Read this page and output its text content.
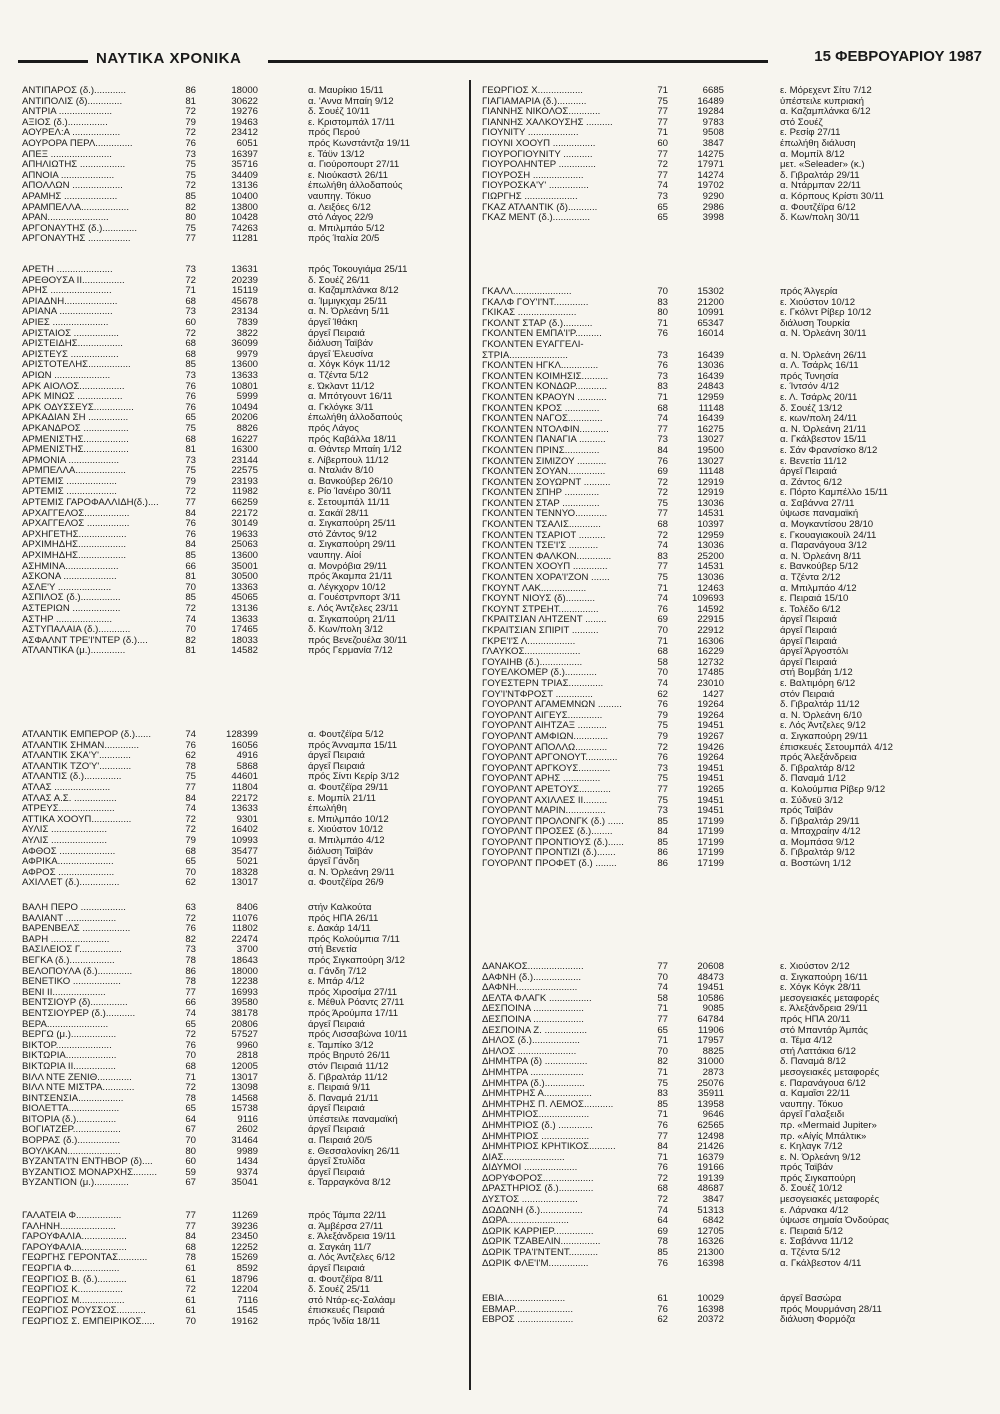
ΝΑΥΤΙΚΑ ΧΡΟΝΙΚΑ	15 ΦΕΒΡΟΥΑΡΙΟΥ 1987
ΑΝΤΙΠΑΡΟΣ (δ.)............	86	18000	α. Μαυρίκιο 15/11
ΑΝΤΙΠΟΛΙΣ (δ).............	81	30622	α. 'Αννα Μπαίη 9/12
ΑΝΤΡΙΑ ....................	72	19276	δ. Σουέζ 10/11
ΑΞΙΟΣ (δ.)...............	79	19463	ε. Κριστομπάλ 17/11
ΑΟΥΡΕΛ:Α ..................	72	23412	πρός Περού
ΑΟΥΡΟΡΑ ΠΕΡΛ..............	76	6051	πρός Κωνστάντζα 19/11
ΑΠΕΞ .......................	73	16397	ε. Τάϋν 13/12
ΑΠΗΛΙΩΤΗΣ .................	75	35716	α. Γιούροπουρτ 27/11
ΑΠΝΟΙΑ ....................	75	34409	ε. Νιούκαστλ 26/11
ΑΠΟΛΛΩΝ ...................	72	13136	έπωλήθη άλλοδαπούς
ΑΡΑΜΗΣ ....................	85	10400	ναυπηγ. Τόκυο
ΑΡΑΜΠΕΛΛΑ..................	82	13800	α. Λειξόες 6/12
ΑΡΑΝ.......................	80	10428	στό Λάγος 22/9
ΑΡΓΟΝΑΥΤΗΣ (δ.).............	75	74263	α. Μπιλμπάο 5/12
ΑΡΓΟΝΑΥΤΗΣ ................	77	11281	πρός Ίταλία 20/5
ΑΡΕΤΗ .....................	73	13631	πρός Τοκουγιάμα 25/11
ΑΡΕΘΟΥΣΑ ΙΙ................	72	20239	δ. Σουέζ 26/11
ΑΡΗΣ .......................	71	15119	α. Καζαμπλάνκα 8/12
ΑΡΙΑΔΝΗ....................	68	45678	α. Ίμμιγκχαμ 25/11
ΑΡΙΑΝΑ ....................	73	23134	α. Ν. Όρλεάνη 5/11
ΑΡΙΕΣ .....................	60	7839	άργεΐ Ίθάκη
ΑΡΙΣΤΑΙΟΣ .................	72	3822	άργεΐ Πειραιά
ΑΡΙΣΤΕΙΔΗΣ.................	68	36099	διάλυση Ταϊβάν
ΑΡΙΣΤΕΥΣ ..................	68	9979	άργεΐ Έλευσίνα
ΑΡΙΣΤΟΤΕΛΗΣ................	85	13600	α. Χόγκ Κόγκ 11/12
ΑΡΙΩΝ .....................	73	13633	α. Τζέντα 5/12
ΑΡΚ ΑΙΟΛΟΣ.................	76	10801	ε. Ώκλαντ 11/12
ΑΡΚ ΜΙΝΩΣ .................	76	5999	α. Μπότγουντ 16/11
ΑΡΚ ΟΔΥΣΣΕΥΣ...............	76	10494	α. Γκλόγκε 3/11
ΑΡΚΑΔΙΑΝ ΣΗ ...............	65	20206	έπωλήθη άλλοδαπούς
ΑΡΚΑΝΔΡΟΣ .................	75	8826	πρός Λάγος
ΑΡΜΕΝΙΣΤΗΣ.................	68	16227	πρός Καβάλλα 18/11
ΑΡΜΕΝΙΣΤΗΣ.................	81	16300	α. Θάντερ Μπαίη 1/12
ΑΡΜΟΝΙΑ ...................	73	23144	ε. Λίβερπουλ 11/12
ΑΡΜΠΕΛΛΑ...................	75	22575	α. Νταλιάν 8/10
ΑΡΤΕΜΙΣ ...................	79	23193	α. Βανκούβερ 26/10
ΑΡΤΕΜΙΣ ...................	72	11982	ε. Ρίο Ίανέιρο 30/11
ΑΡΤΕΜΙΣ ΓΑΡΟΦΑΛΛΙΔΗ(δ.)....	77	66259	ε. Σετουμπάλ 11/11
ΑΡΧΑΓΓΕΛΟΣ.................	84	22172	α. Σακάϊ 28/11
ΑΡΧΑΓΓΕΛΟΣ ................	76	30149	α. Σιγκαπούρη 25/11
ΑΡΧΗΓΕΤΗΣ..................	76	19633	στό Ζάντος 9/12
ΑΡΧΙΜΗΔΗΣ..................	84	25063	α. Σιγκαπούρη 29/11
ΑΡΧΙΜΗΔΗΣ..................	85	13600	ναυπηγ. Αίοί
ΑΣΗΜΙΝΑ....................	66	35001	α. Μονρόβια 29/11
ΑΣΚΟΝΑ ....................	81	30500	πρός Άκαμπα 21/11
ΑΣΛΕ'Υ ....................	70	13363	α. Λέγκχορν 10/12
ΑΣΠΙΛΟΣ (δ.)...............	85	45065	α. Γουέστρνπορτ 3/11
ΑΣΤΕΡΙΩΝ ..................	72	13136	ε. Λός Άντζελες 23/11
ΑΣΤΗΡ .....................	74	13633	α. Σιγκαπούρη 21/11
ΑΣΤΥΠΑΛΑΙΑ (δ.)............	70	17465	δ. Κων/πολη 3/12
ΑΣΦΑΛΝΤ ΤΡΕ'Ι'ΝΤΕΡ (δ.)....	82	18033	πρός Βενεζουέλα 30/11
ΑΤΛΑΝΤΙΚΑ (μ.).............	81	14582	πρός Γερμανία 7/12
ΑΤΛΑΝΤΙΚ ΕΜΠΕΡΟΡ (δ.)......	74	128399	α. Φουτζέϊρα 5/12
ΑΤΛΑΝΤΙΚ ΣΗΜΑΝ.............	76	16056	πρός Άνναμπα 15/11
ΑΤΛΑΝΤΙΚ ΣΚΑ'Υ'............	62	4916	άργεΐ Πειραιά
ΑΤΛΑΝΤΙΚ ΤΖΟ'Υ'............	78	5868	άργεΐ Πειραιά
ΑΤΛΑΝΤΙΣ (δ.)..............	75	44601	πρός Σίντι Κερίρ 3/12
ΑΤΛΑΣ .....................	77	11804	α. Φουτζέϊρα 29/11
ΑΤΛΑΣ Α.Σ. ................	84	22172	ε. Μομπίλ 21/11
ΑΤΡΕΥΣ.....................	74	13633	έπωλήθη
ΑΤΤΙΚΑ ΧΟΟΥΠ...............	72	9301	ε. Μπιλμπάο 10/12
ΑΥΛΙΣ .....................	72	16402	ε. Χιούστον 10/12
ΑΥΛΙΣ .....................	79	10993	α. Μπιλμπάο 4/12
ΑΦΘΟΣ .....................	68	35477	διάλυση Ταϊβάν
ΑΦΡΙΚΑ.....................	65	5021	άργεΐ Γάνδη
ΑΦΡΟΣ .....................	70	18328	α. Ν. Όρλεάνη 29/11
ΑΧΙΛΛΕΤ (δ.)...............	62	13017	α. Φουτζέϊρα 26/9
ΒΑΛΗ ΠΕΡΟ .................	63	8406	στήν Καλκούτα
ΒΑΛΙΑΝΤ ...................	72	11076	πρός ΗΠΑ 26/11
ΒΑΡΕΝΒΕΛΣ ..................	76	11802	ε. Δακάρ 14/11
ΒΑΡΗ ......................	82	22474	πρός Κολούμπια 7/11
ΒΑΣΙΛΕΙΟΣ Γ................	73	3700	στή Βενετία
ΒΕΓΚΑ (δ.).................	78	18643	πρός Σιγκαπούρη 3/12
ΒΕΛΟΠΟΥΛΑ (δ.).............	86	18000	α. Γάνδη 7/12
ΒΕΝΕΤΙΚΟ ..................	78	12238	ε. Μπάρ 4/12
ΒΕΝΙ ΙΙ....................	77	16993	πρός Χιροσίμα 27/11
ΒΕΝΤΣΙΟΥΡ (δ)..............	66	39580	ε. Μέθυλ Ρόαντς 27/11
ΒΕΝΤΣΙΟΥΡΕΡ (δ.)...........	74	38178	πρός Άρούμπα 17/11
ΒΕΡΑ.......................	65	20806	άργεΐ Πειραιά
ΒΕΡΓΩ (μ.).................	72	57527	πρός Λισσαβώνα 10/11
ΒΙΚΤΟΡ.....................	76	9960	ε. Ταμπίκο 3/12
ΒΙΚΤΩΡΙΑ...................	70	2818	πρός Βηρυτό 26/11
ΒΙΚΤΩΡΙΑ ΙΙ................	68	12005	στόν Πειραιά 11/12
ΒΙΛΛ ΝΤΕ ΖΕΝΙΘ.............	71	13017	δ. Γιβραλτάρ 11/12
ΒΙΛΛ ΝΤΕ ΜΙΣΤΡΑ............	72	13098	ε. Πειραιά 9/11
ΒΙΝΤΣΕΝΣΙΑ.................	78	14568	δ. Παναμά 21/11
ΒΙΟΛΕΤΤΑ...................	65	15738	άργεΐ Πειραιά
ΒΙΤΟΡΙΑ (δ.)...............	64	9116	ύπέστειλε παναμαϊκή
ΒΟΓΙΑΤΖΕΡ..................	67	2602	άργεΐ Πειραιά
ΒΟΡΡΑΣ (δ.)................	70	31464	α. Πειραιά 20/5
ΒΟΥΛΚΑΝ....................	80	9989	ε. Θεσσαλονίκη 26/11
ΒΥΖΑΝΤΑ'Ι'Ν ΕΝΤΗΒΟΡ (δ)....	60	1434	άργεΐ Στυλίδα
ΒΥΖΑΝΤΙΟΣ ΜΟΝΑΡΧΗΣ.........	59	9374	άργεΐ Πειραιά
ΒΥΖΑΝΤΙΟΝ (μ.).............	67	35041	ε. Ταρραγκόνα 8/12
ΓΑΛΑΤΕΙΑ Φ.................	77	11269	πρός Τάμπα 22/11
ΓΑΛΗΝΗ.....................	77	39236	α. Άμβέρσα 27/11
ΓΑΡΟΥΦΑΛΙΑ.................	84	23450	ε. Άλεξάνδρεια 19/11
ΓΑΡΟΥΦΑΛΙΑ.................	68	12252	α. Σαγκάη 11/7
ΓΕΩΡΓΗΣ ΓΕΡΟΝΤΑΣ...........	78	15269	α. Λός Άντζελες 6/12
ΓΕΩΡΓΙΑ Φ..................	61	8592	άργεΐ Πειραιά
ΓΕΩΡΓΙΟΣ Β. (δ.)...........	61	18796	α. Φουτζέϊρα 8/11
ΓΕΩΡΓΙΟΣ Κ.................	72	12204	δ. Σουέζ 25/11
ΓΕΩΡΓΙΟΣ Μ.................	61	7116	στό Ντάρ-ες-Σαλάαμ
ΓΕΩΡΓΙΟΣ ΡΟΥΣΣΟΣ...........	61	1545	έπισκευές Πειραιά
ΓΕΩΡΓΙΟΣ Σ. ΕΜΠΕΙΡΙΚΟΣ.....	70	19162	πρός Ίνδία 18/11
ΓΕΩΡΓΙΟΣ Χ.................	71	6685	ε. Μόρεχεντ Σίτυ 7/12
ΓΙΑΓΙΑΜΑΡΙΑ (δ.)...........	75	16489	ύπέστειλε κυπριακή
ΓΙΑΝΝΗΣ ΝΙΚΟΛΟΣ............	77	19284	α. Καζαμπλάνκα 6/12
ΓΙΑΝΝΗΣ ΧΑΛΚΟΥΣΗΣ ..........	77	9783	στό Σουέζ
ΓΙΟΥΝΙΤΥ ...................	71	9508	ε. Ρεσίφ 27/11
ΓΙΟΥΝΙ ΧΟΟΥΠ ................	60	3847	έπωλήθη διάλυση
ΓΙΟΥΡΟΓΙΟΥΝΙΤΥ ...........	77	14275	α. Μομπίλ 8/12
ΓΙΟΥΡΟΛΗΝΤΕΡ ..............	72	17971	μετ. «Seleader» (κ.)
ΓΙΟΥΡΟΣΗ ...................	77	14274	δ. Γιβραλτάρ 29/11
ΓΙΟΥΡΟΣΚΑ'Υ' ...............	74	19702	α. Ντάρμπαν 22/11
ΓΙΩΡΓΗΣ ....................	73	9290	α. Κόρπους Κρίστι 30/11
ΓΚΑΖ ΑΤΛΑΝΤΙΚ (δ)...........	65	2986	α. Φουτζέϊρα 6/12
ΓΚΑΖ ΜΕΝΤ (δ.)..............	65	3998	δ. Κων/πολη 30/11
ΓΚΑΛΛ......................	70	15302	πρός Άλγερία
ΓΚΑΛΦ ΓΟΥ'Ι'ΝΤ.............	83	21200	ε. Χιούστον 10/12
ΓΚΙΚΑΣ ......................	80	10991	ε. Γκόλντ Ρίβερ 10/12
ΓΚΟΛΝΤ ΣΤΑΡ (δ.)...........	71	65347	διάλυση Τουρκία
ΓΚΟΛΝΤΕΝ ΕΜΠΑ'Ι'Ρ..........	76	16014	α. Ν. Όρλεάνη 30/11
ΓΚΟΛΝΤΕΝ ΕΥΑΓΓΕΛΙ-
ΣΤΡΙΑ......................	73	16439	α. Ν. Όρλεάνη 26/11
ΓΚΟΛΝΤΕΝ ΗΓΚΛ..............	76	13036	α. Λ. Τσάρλς 16/11
ΓΚΟΛΝΤΕΝ ΚΟΙΜΗΣΙΣ..........	73	16439	πρός Τυνησία
ΓΚΟΛΝΤΕΝ ΚΟΝΔΩΡ............	83	24843	ε. Ίντσόν 4/12
ΓΚΟΛΝΤΕΝ ΚΡΑΟΥΝ ...........	71	12959	ε. Λ. Τσάρλς 20/11
ΓΚΟΛΝΤΕΝ ΚΡΟΣ .............	68	11148	δ. Σουέζ 13/12
ΓΚΟΛΝΤΕΝ ΝΑΓΟΣ.............	74	16439	ε. κων/πολη 24/11
ΓΚΟΛΝΤΕΝ ΝΤΟΛΦΙΝ...........	77	16275	α. Ν. Όρλεάνη 21/11
ΓΚΟΛΝΤΕΝ ΠΑΝΑΓΙΑ ..........	73	13027	α. Γκάλβεστον 15/11
ΓΚΟΛΝΤΕΝ ΠΡΙΝΣ.............	84	19500	ε. Σάν Φρανσίσκο 8/12
ΓΚΟΛΝΤΕΝ ΣΙΜΙΖΟΥ ...........	76	13027	ε. Βενετία 11/12
ΓΚΟΛΝΤΕΝ ΣΟΥΑΝ..............	69	11148	άργεΐ Πειραιά
ΓΚΟΛΝΤΕΝ ΣΟΥΩΡΝΤ ..........	72	12919	α. Ζάντος 6/12
ΓΚΟΛΝΤΕΝ ΣΠΗΡ .............	72	12919	ε. Πόρτο Καμπέλλο 15/11
ΓΚΟΛΝΤΕΝ ΣΤΑΡ ..............	75	13036	α. Σαβάννα 27/11
ΓΚΟΛΝΤΕΝ ΤΕΝΝΥΟ............	77	14531	ύψωσε παναμαϊκή
ΓΚΟΛΝΤΕΝ ΤΣΑΛΙΣ............	68	10397	α. Μογκαντίσου 28/10
ΓΚΟΛΝΤΕΝ ΤΣΑΡΙΟΤ ..........	72	12959	ε. Γκουαγιακουίλ 24/11
ΓΚΟΛΝΤΕΝ ΤΣΕ'Ι'Σ ...........	74	13036	α. Παρανάγουα 3/12
ΓΚΟΛΝΤΕΝ ΦΑΛΚΟΝ.............	83	25200	α. Ν. Όρλεάνη 8/11
ΓΚΟΛΝΤΕΝ ΧΟΟΥΠ .............	77	14531	ε. Βανκούβερ 5/12
ΓΚΟΛΝΤΕΝ ΧΟΡΑ'Ι'ΖΟΝ .......	75	13036	α. Τζέντα 2/12
ΓΚΟΥΝΤ ΛΑΚ.................	71	12463	α. Μπιλμπάο 4/12
ΓΚΟΥΝΤ ΝΙΟΥΣ (δ)...........	74	109693	ε. Πειραιά 15/10
ΓΚΟΥΝΤ ΣΤΡΕΗΤ...............	76	14592	ε. Τολέδο 6/12
ΓΚΡΑΙΤΣΙΑΝ ΛΗΤΖΕΝΤ ........	69	22915	άργεΐ Πειραιά
ΓΚΡΑΙΤΣΙΑΝ ΣΠΙΡΙΤ ..........	70	22912	άργεΐ Πειραιά
ΓΚΡΕ'Ι'Σ Λ..................	71	16306	άργεΐ Πειραιά
ΓΛΑΥΚΟΣ.....................	68	16229	άργεΐ Άργοστόλι
ΓΟΥΑΙΗΒ (δ.)................	58	12732	άργεΐ Πειραιά
ΓΟΥΕΛΚΟΜΕΡ (δ.)............	70	17485	στή Βομβάη 1/12
ΓΟΥΕΣΤΕΡΝ ΤΡΙΑΣ.............	74	23010	ε. Βαλτιμόρη 6/12
ΓΟΥ'Ι'ΝΤΦΡΟΣΤ ..............	62	1427	στόν Πειραιά
ΓΟΥΟΡΛΝΤ ΑΓΑΜΕΜΝΩΝ .........	76	19264	δ. Γιβραλτάρ 11/12
ΓΟΥΟΡΛΝΤ ΑΙΓΕΥΣ.............	79	19264	α. Ν. Όρλεάνη 6/10
ΓΟΥΟΡΛΝΤ ΑΙΗΤΖΑΞ ...........	75	19451	ε. Λός Άντζελες 9/12
ΓΟΥΟΡΛΝΤ ΑΜΦΙΩΝ.............	79	19267	α. Σιγκαπούρη 29/11
ΓΟΥΟΡΛΝΤ ΑΠΟΛΛΩ............	72	19426	έπισκευές Σετουμπάλ 4/12
ΓΟΥΟΡΛΝΤ ΑΡΓΟΝΟΥΤ............	76	19264	πρός Άλεξάνδρεια
ΓΟΥΟΡΛΝΤ ΑΡΓΚΟΥΣ............	73	19451	δ. Γιβραλτάρ 8/12
ΓΟΥΟΡΛΝΤ ΑΡΗΣ ..............	75	19451	δ. Παναμά 1/12
ΓΟΥΟΡΛΝΤ ΑΡΕΤΟΥΣ............	77	19265	α. Κολούμπια Ρίβερ 9/12
ΓΟΥΟΡΛΝΤ ΑΧΙΛΛΕΣ ΙΙ.........	75	19451	α. Σύδνεϋ 3/12
ΓΟΥΟΡΛΝΤ ΜΑΡΙΝ...............	73	19451	πρός Ταϊβάν
ΓΟΥΟΡΛΝΤ ΠΡΟΛΟΝΓΚ (δ.) ......	85	17199	δ. Γιβραλτάρ 29/11
ΓΟΥΟΡΛΝΤ ΠΡΟΣΕΣ (δ.)........	84	17199	α. Μπαχραίην 4/12
ΓΟΥΟΡΛΝΤ ΠΡΟΝΤΙΟΥΣ (δ.)......	85	17199	α. Μομπάσα 9/12
ΓΟΥΟΡΛΝΤ ΠΡΟΝΤΙΖΙ (δ.).......	86	17199	δ. Γιβραλτάρ 9/12
ΓΟΥΟΡΛΝΤ ΠΡΟΦΕΤ (δ.) ........	86	17199	α. Βοστώνη 1/12
ΔΑΝΑΚΟΣ.....................	77	20608	ε. Χιούστον 2/12
ΔΑΦΝΗ (δ.)..................	70	48473	α. Σιγκαπούρη 16/11
ΔΑΦΝΗ.......................	74	19451	ε. Χόγκ Κόγκ 28/11
ΔΕΛΤΑ ΦΛΑΓΚ ................	58	10586	μεσογειακές μεταφορές
ΔΕΣΠΟΙΝΑ ...................	71	9085	ε. Άλεξάνδρεια 29/11
ΔΕΣΠΟΙΝΑ ...................	77	64784	πρός ΗΠΑ 20/11
ΔΕΣΠΟΙΝΑ Ζ. ................	65	11906	στό Μπαντάρ Άμπάς
ΔΗΛΟΣ (δ.)..................	71	17957	α. Τέμα 4/12
ΔΗΛΟΣ ......................	70	8825	στή Λαττάκια 6/12
ΔΗΜΗΤΡΑ (δ) ................	82	31000	δ. Παναμά 8/12
ΔΗΜΗΤΡΑ ....................	71	2873	μεσογειακές μεταφορές
ΔΗΜΗΤΡΑ (δ.)...............	75	25076	ε. Παρανάγουα 6/12
ΔΗΜΗΤΡΗΣ Α..................	83	35911	α. Καμαΐσι 22/11
ΔΗΜΗΤΡΗΣ Π. ΛΕΜΟΣ...........	85	13958	ναυπηγ. Τόκυο
ΔΗΜΗΤΡΙΟΣ...................	71	9646	άργεΐ Γαλαξειδι
ΔΗΜΗΤΡΙΟΣ (δ.) .............	76	62565	πρ. «Mermaid Jupiter»
ΔΗΜΗΤΡΙΟΣ ..................	77	12498	πρ. «Αίγίς Μπάλτικ»
ΔΗΜΗΤΡΙΟΣ ΚΡΗΤΙΚΟΣ..........	84	21426	ε. Κηλαγκ 7/12
ΔΙΑΣ.......................	71	16379	ε. Ν. Όρλεάνη 9/12
ΔΙΔΥΜΟΙ ....................	76	19166	πρός Ταϊβάν
ΔΟΡΥΦΟΡΟΣ...................	72	19139	πρός Σιγκαπούρη
ΔΡΑΣΤΗΡΙΟΣ (δ.).............	68	48687	δ. Σουέζ 10/12
ΔΥΣΤΟΣ .....................	72	3847	μεσογειακές μεταφορές
ΔΩΔΩΝΗ (δ.)................	74	51313	ε. Λάρνακα 4/12
ΔΩΡΑ.......................	64	6842	ύψωσε σημαία Όνδούρας
ΔΩΡΙΚ ΚΑΡΡΙΕΡ...............	69	12705	ε. Πειραιά 5/12
ΔΩΡΙΚ ΤΖΑΒΕΛΙΝ...............	78	16326	ε. Σαβάννα 11/12
ΔΩΡΙΚ ΤΡΑ'Ι'ΝΤΕΝΤ...........	85	21300	α. Τζέντα 5/12
ΔΩΡΙΚ ΦΛΕ'Ι'Μ...............	76	16398	α. Γκάλβεστον 4/11
ΕΒΙΑ.......................	61	10029	άργεΐ Βασώρα
ΕΒΜΑΡ......................	76	16398	πρός Μουρμάνση 28/11
ΕΒΡΟΣ .....................	62	20372	διάλυση Φορμόζα
